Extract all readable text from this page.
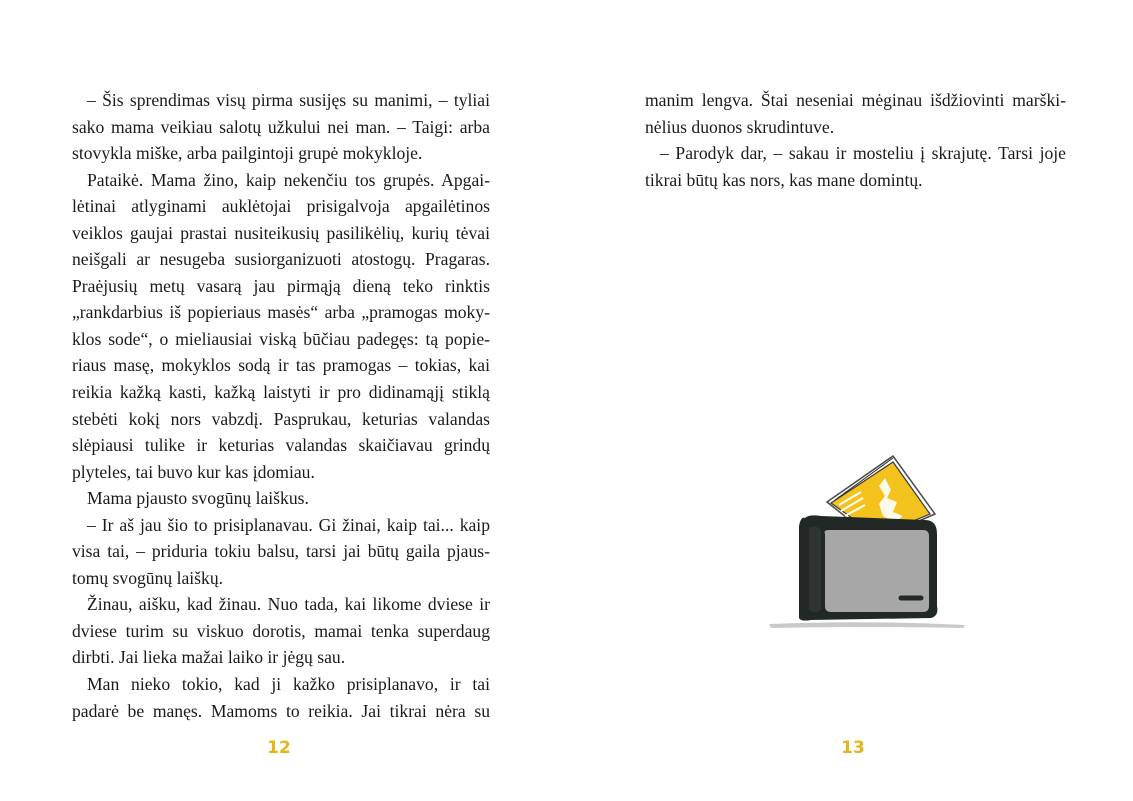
– Šis sprendimas visų pirma susijęs su manimi, – tyliai
sako mama veikiau salotų užkului nei man. – Taigi: arba
stovykla miške, arba pailgintoji grupė mokykloje.
Pataikė. Mama žino, kaip nekenčiu tos grupės. Apgai-
lėtinai atlyginami auklėtojai prisigalvoja apgailėtinos
veiklos gaujai prastai nusiteikusių pasilikėlių, kurių tėvai
neišgali ar nesugeba susiorganizuoti atostogų. Pragaras.
Praėjusių metų vasarą jau pirmąją dieną teko rinktis
„rankdarbius iš popieriaus masės“ arba „pramogas moky-
klos sode“, o mieliausiai viską būčiau padegęs: tą popie-
riaus masę, mokyklos sodą ir tas pramogas – tokias, kai
reikia kažką kasti, kažką laistyti ir pro didinamąjį stiklą
stebėti kokį nors vabzdį. Pasprukau, keturias valandas
slėpiausi tulike ir keturias valandas skaičiavau grindų
plyteles, tai buvo kur kas įdomiau.
Mama pjausto svogūnų laiškus.
– Ir aš jau šio to prisiplanavau. Gi žinai, kaip tai... kaip
visa tai, – priduria tokiu balsu, tarsi jai būtų gaila pjaus-
tomų svogūnų laiškų.
Žinau, aišku, kad žinau. Nuo tada, kai likome dviese ir
dviese turim su viskuo dorotis, mamai tenka superdaug
dirbti. Jai lieka mažai laiko ir jėgų sau.
Man nieko tokio, kad ji kažko prisiplanavo, ir tai
padarė be manęs. Mamoms to reikia. Jai tikrai nėra su
12
manim lengva. Štai neseniai mėginau išdžiovinti marški-
nėlius duonos skrudintuve.
– Parodyk dar, – sakau ir mosteliu į skrajutę. Tarsi joje
tikrai būtų kas nors, kas mane domintų.
13
